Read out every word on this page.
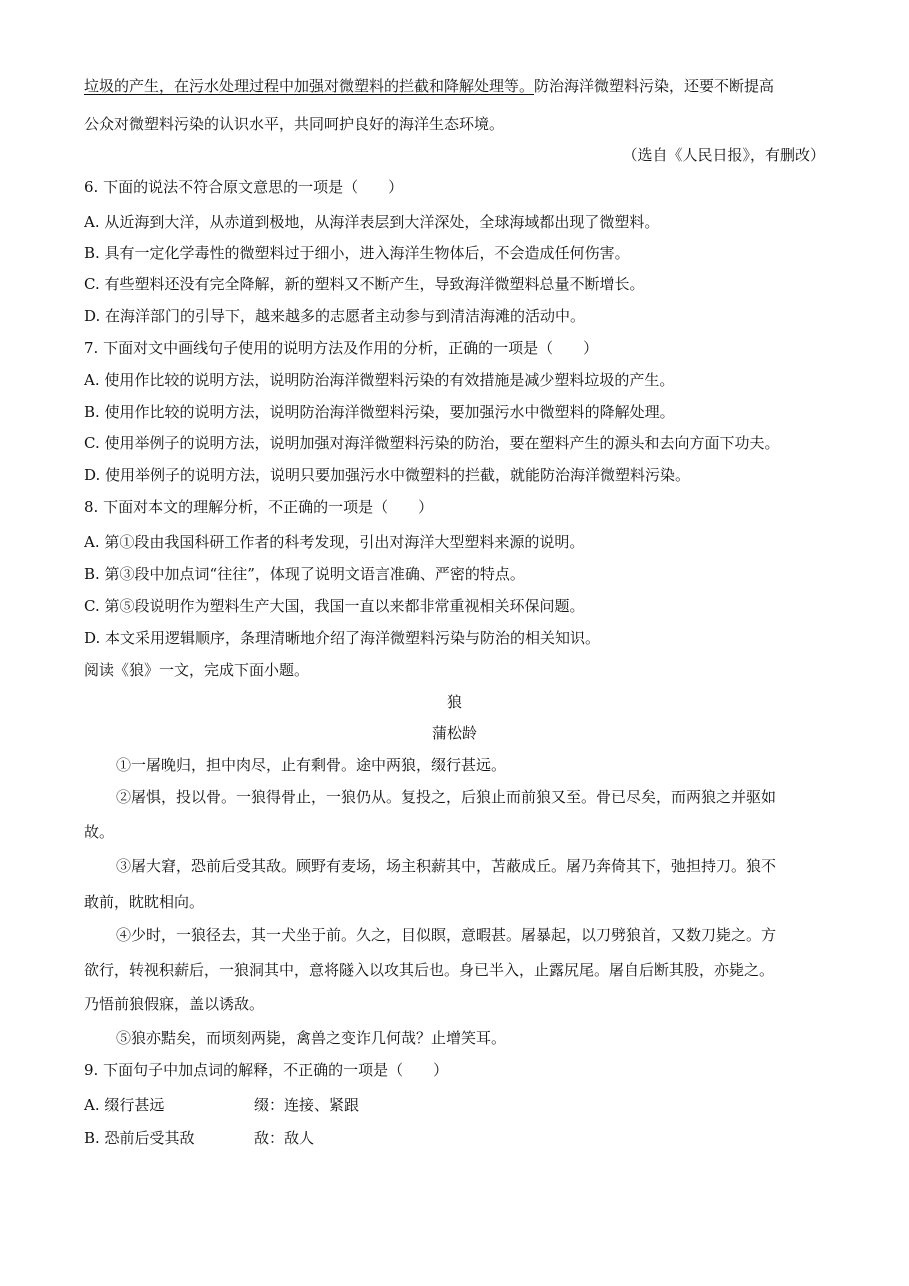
垃圾的产生，在污水处理过程中加强对微塑料的拦截和降解处理等。防治海洋微塑料污染，还要不断提高
公众对微塑料污染的认识水平，共同呵护良好的海洋生态环境。
（选自《人民日报》，有删改）
6. 下面的说法不符合原文意思的一项是（　　）
A. 从近海到大洋，从赤道到极地，从海洋表层到大洋深处，全球海域都出现了微塑料。
B. 具有一定化学毒性的微塑料过于细小，进入海洋生物体后，不会造成任何伤害。
C. 有些塑料还没有完全降解，新的塑料又不断产生，导致海洋微塑料总量不断增长。
D. 在海洋部门的引导下，越来越多的志愿者主动参与到清洁海滩的活动中。
7. 下面对文中画线句子使用的说明方法及作用的分析，正确的一项是（　　）
A. 使用作比较的说明方法，说明防治海洋微塑料污染的有效措施是减少塑料垃圾的产生。
B. 使用作比较的说明方法，说明防治海洋微塑料污染，要加强污水中微塑料的降解处理。
C. 使用举例子的说明方法，说明加强对海洋微塑料污染的防治，要在塑料产生的源头和去向方面下功夫。
D. 使用举例子的说明方法，说明只要加强污水中微塑料的拦截，就能防治海洋微塑料污染。
8. 下面对本文的理解分析，不正确的一项是（　　）
A. 第①段由我国科研工作者的科考发现，引出对海洋大型塑料来源的说明。
B. 第③段中加点词“往往”，体现了说明文语言准确、严密的特点。
C. 第⑤段说明作为塑料生产大国，我国一直以来都非常重视相关环保问题。
D. 本文采用逻辑顺序，条理清晰地介绍了海洋微塑料污染与防治的相关知识。
阅读《狼》一文，完成下面小题。
狼
蒲松龄
①一屠晚归，担中肉尽，止有剩骨。途中两狼，缀行甚远。
②屠惧，投以骨。一狼得骨止，一狼仍从。复投之，后狼止而前狼又至。骨已尽矣，而两狼之并驱如
故。
③屠大窘，恐前后受其敌。顾野有麦场，场主积薪其中，苫蔽成丘。屠乃奔倚其下，弛担持刀。狼不
敢前，眈眈相向。
④少时，一狼径去，其一犬坐于前。久之，目似瞑，意暇甚。屠暴起，以刀劈狼首，又数刀毙之。方
欲行，转视积薪后，一狼洞其中，意将隧入以攻其后也。身已半入，止露尻尾。屠自后断其股，亦毙之。
乃悟前狼假寐，盖以诱敌。
⑤狼亦黠矣，而顷刻两毙，禽兽之变诈几何哉？止增笑耳。
9. 下面句子中加点词的解释，不正确的一项是（　　）
A. 缀行甚远	缀：连接、紧跟
B. 恐前后受其敌	敌：敌人
